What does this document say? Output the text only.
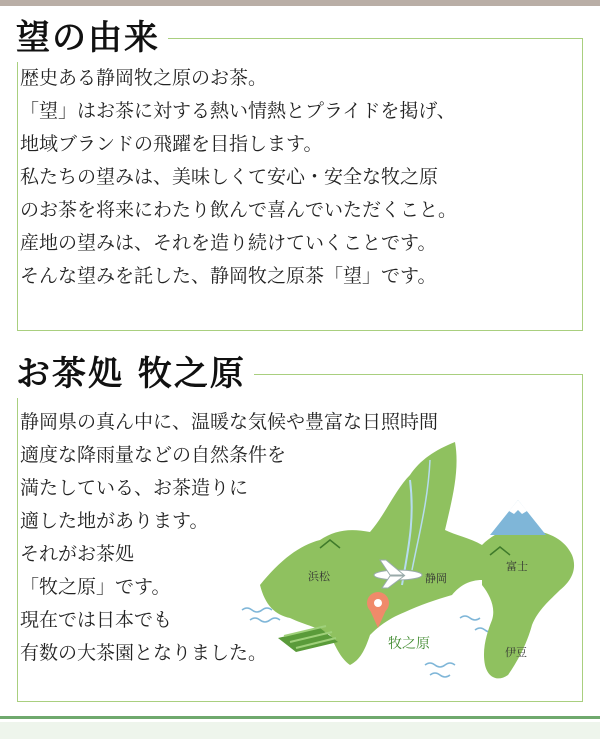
望の由来
歴史ある静岡牧之原のお茶。
「望」はお茶に対する熱い情熱とプライドを掲げ、
地域ブランドの飛躍を目指します。
私たちの望みは、美味しくて安心・安全な牧之原
のお茶を将来にわたり飲んで喜んでいただくこと。
産地の望みは、それを造り続けていくことです。
そんな望みを託した、静岡牧之原茶「望」です。
お茶処 牧之原
浜松	静岡
富士
牧之原
伊豆
静岡県の真ん中に、温暖な気候や豊富な日照時間
適度な降雨量などの自然条件を
満たしている、お茶造りに
適した地があります。
それがお茶処
「牧之原」です。
現在では日本でも
有数の大茶園となりました。
